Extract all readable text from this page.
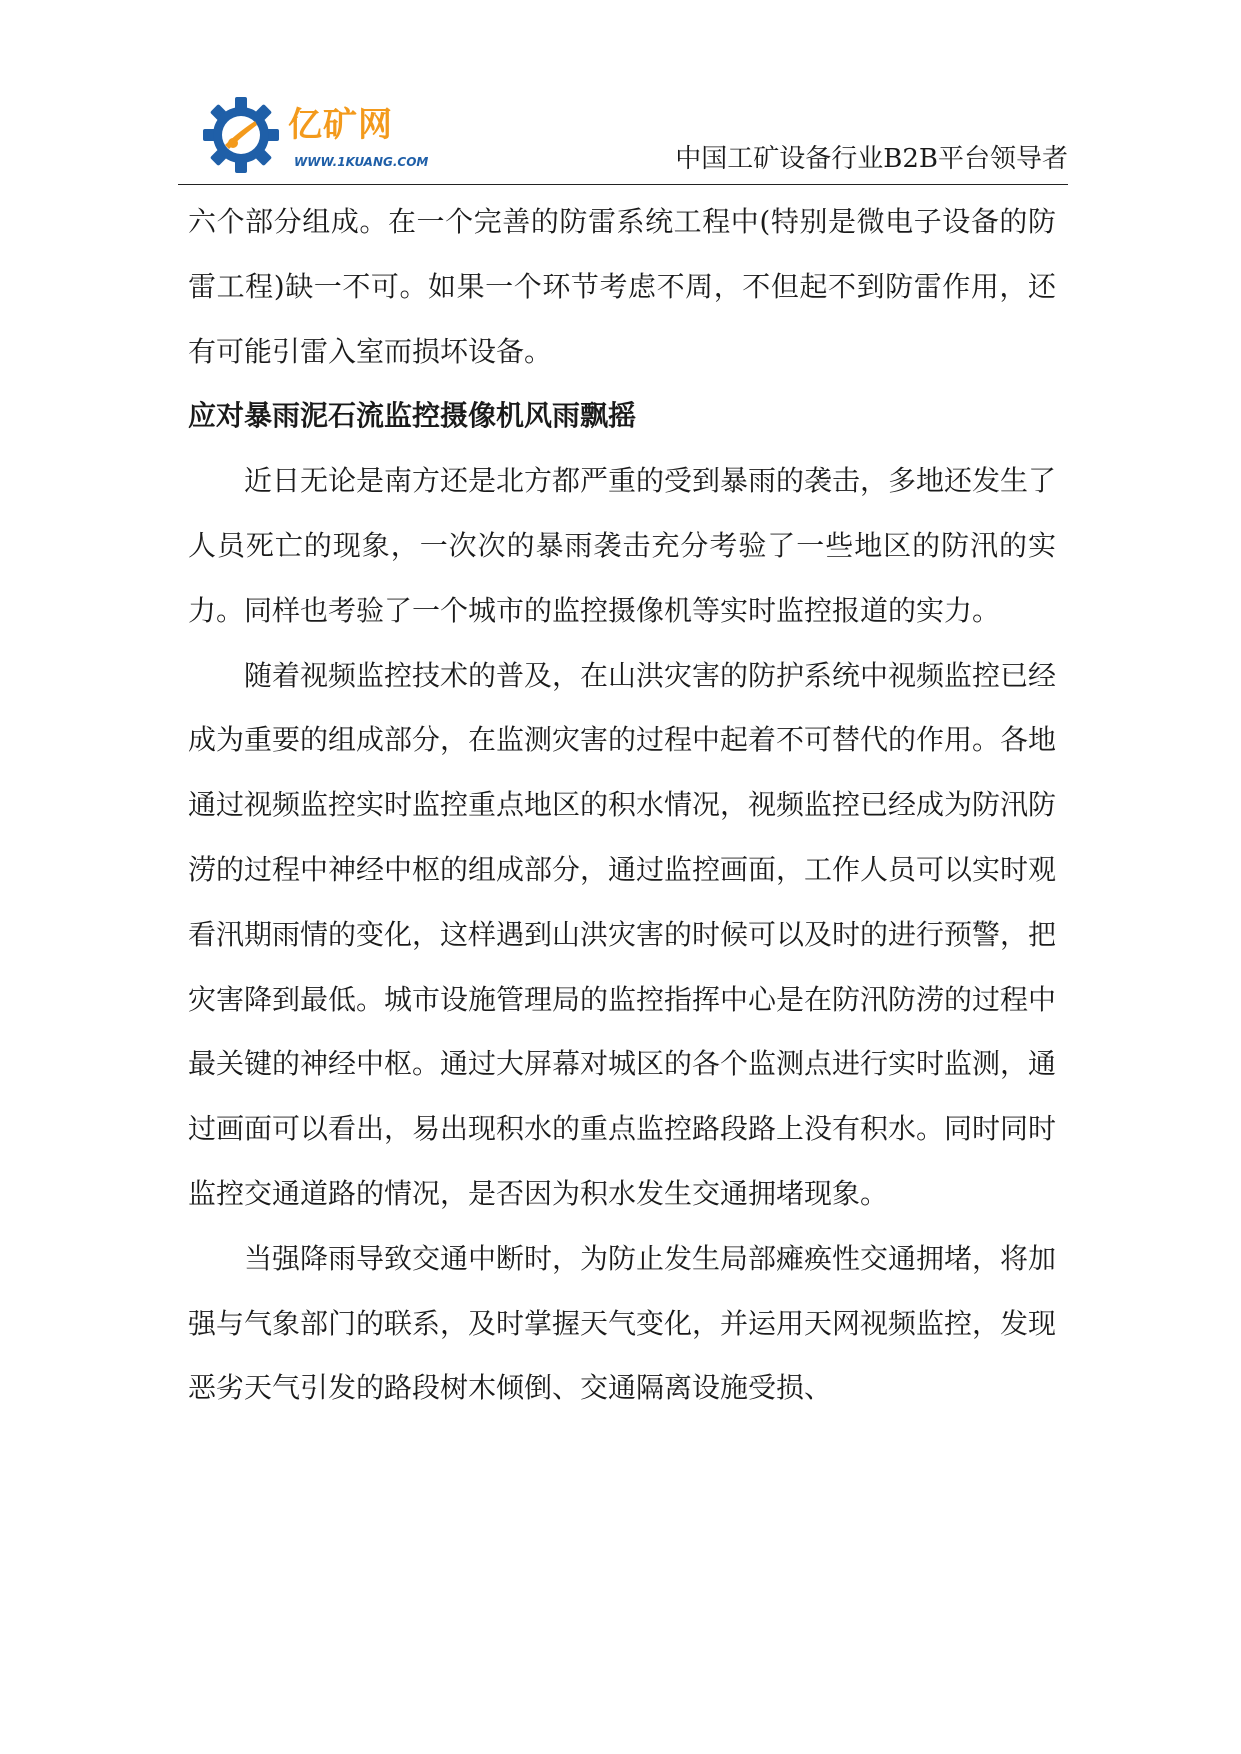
亿矿网
WWW.1KUANG.COM	中国工矿设备行业B2B平台领导者

六个部分组成。在一个完善的防雷系统工程中(特别是微电子设备的防雷工程)缺一不可。如果一个环节考虑不周，不但起不到防雷作用，还有可能引雷入室而损坏设备。

应对暴雨泥石流监控摄像机风雨飘摇

近日无论是南方还是北方都严重的受到暴雨的袭击，多地还发生了人员死亡的现象，一次次的暴雨袭击充分考验了一些地区的防汛的实力。同样也考验了一个城市的监控摄像机等实时监控报道的实力。

随着视频监控技术的普及，在山洪灾害的防护系统中视频监控已经成为重要的组成部分，在监测灾害的过程中起着不可替代的作用。各地通过视频监控实时监控重点地区的积水情况，视频监控已经成为防汛防涝的过程中神经中枢的组成部分，通过监控画面，工作人员可以实时观看汛期雨情的变化，这样遇到山洪灾害的时候可以及时的进行预警，把灾害降到最低。城市设施管理局的监控指挥中心是在防汛防涝的过程中最关键的神经中枢。通过大屏幕对城区的各个监测点进行实时监测，通过画面可以看出，易出现积水的重点监控路段路上没有积水。同时同时监控交通道路的情况，是否因为积水发生交通拥堵现象。

当强降雨导致交通中断时，为防止发生局部瘫痪性交通拥堵，将加强与气象部门的联系，及时掌握天气变化，并运用天网视频监控，发现恶劣天气引发的路段树木倾倒、交通隔离设施受损、
